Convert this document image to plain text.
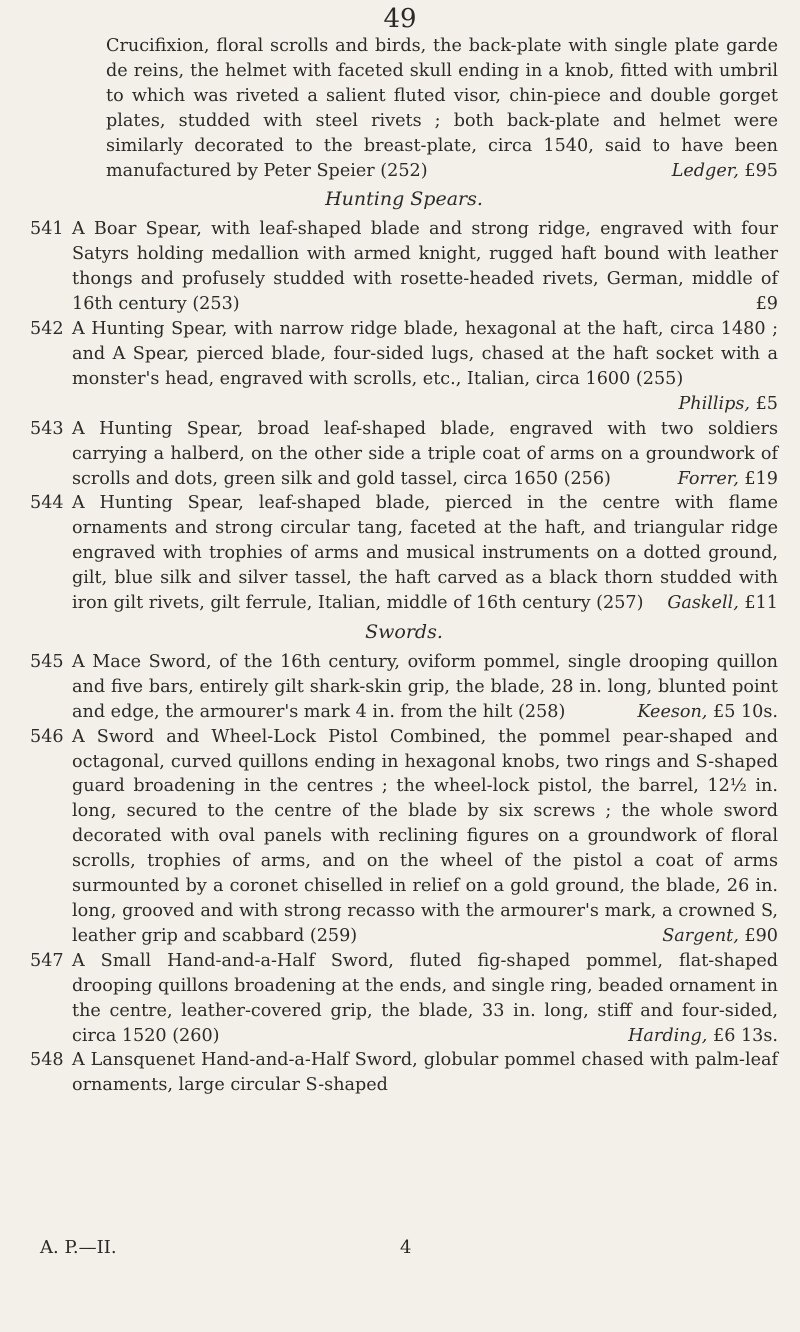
49

Crucifixion, floral scrolls and birds, the back-plate with single plate garde de reins, the helmet with faceted skull ending in a knob, fitted with umbril to which was riveted a salient fluted visor, chin-piece and double gorget plates, studded with steel rivets ; both back-plate and helmet were similarly decorated to the breast-plate, circa 1540, said to have been manufactured by Peter Speier (252)	Ledger, £95

Hunting Spears.
541 A Boar Spear, with leaf-shaped blade and strong ridge, engraved with four Satyrs holding medallion with armed knight, rugged haft bound with leather thongs and profusely studded with rosette-headed rivets, German, middle of 16th century (253)	£9
542 A Hunting Spear, with narrow ridge blade, hexagonal at the haft, circa 1480 ; and A Spear, pierced blade, four-sided lugs, chased at the haft socket with a monster's head, engraved with scrolls, etc., Italian, circa 1600 (255)
Phillips, £5
543 A Hunting Spear, broad leaf-shaped blade, engraved with two soldiers carrying a halberd, on the other side a triple coat of arms on a groundwork of scrolls and dots, green silk and gold tassel, circa 1650 (256)	Forrer, £19
544 A Hunting Spear, leaf-shaped blade, pierced in the centre with flame ornaments and strong circular tang, faceted at the haft, and triangular ridge engraved with trophies of arms and musical instruments on a dotted ground, gilt, blue silk and silver tassel, the haft carved as a black thorn studded with iron gilt rivets, gilt ferrule, Italian, middle of 16th century (257) Gaskell, £11
Swords.
545 A Mace Sword, of the 16th century, oviform pommel, single drooping quillon and five bars, entirely gilt shark-skin grip, the blade, 28 in. long, blunted point and edge, the armourer's mark 4 in. from the hilt (258)	Keeson, £5 10s.
546 A Sword and Wheel-Lock Pistol Combined, the pommel pear-shaped and octagonal, curved quillons ending in hexagonal knobs, two rings and S-shaped guard broadening in the centres ; the wheel-lock pistol, the barrel, 12½ in. long, secured to the centre of the blade by six screws ; the whole sword decorated with oval panels with reclining figures on a groundwork of floral scrolls, trophies of arms, and on the wheel of the pistol a coat of arms surmounted by a coronet chiselled in relief on a gold ground, the blade, 26 in. long, grooved and with strong recasso with the armourer's mark, a crowned S, leather grip and scabbard (259)	Sargent, £90
547 A Small Hand-and-a-Half Sword, fluted fig-shaped pommel, flat-shaped drooping quillons broadening at the ends, and single ring, beaded ornament in the centre, leather-covered grip, the blade, 33 in. long, stiff and four-sided, circa 1520 (260)	Harding, £6 13s.
548 A Lansquenet Hand-and-a-Half Sword, globular pommel chased with palm-leaf ornaments, large circular S-shaped
A. P.—II.	4
